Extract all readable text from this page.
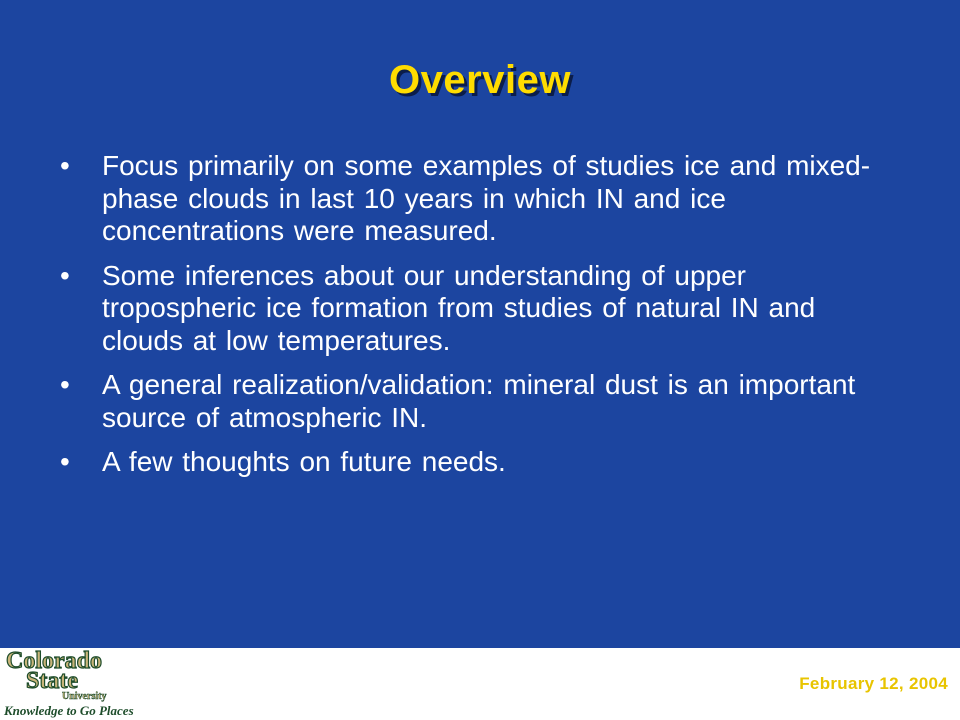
Overview
• Focus primarily on some examples of studies ice and mixed-phase clouds in last 10 years in which IN and ice concentrations were measured.
• Some inferences about our understanding of upper tropospheric ice formation from studies of natural IN and clouds at low temperatures.
• A general realization/validation: mineral dust is an important source of atmospheric IN.
• A few thoughts on future needs.
Colorado
State
University
Knowledge to Go Places
February 12, 2004
